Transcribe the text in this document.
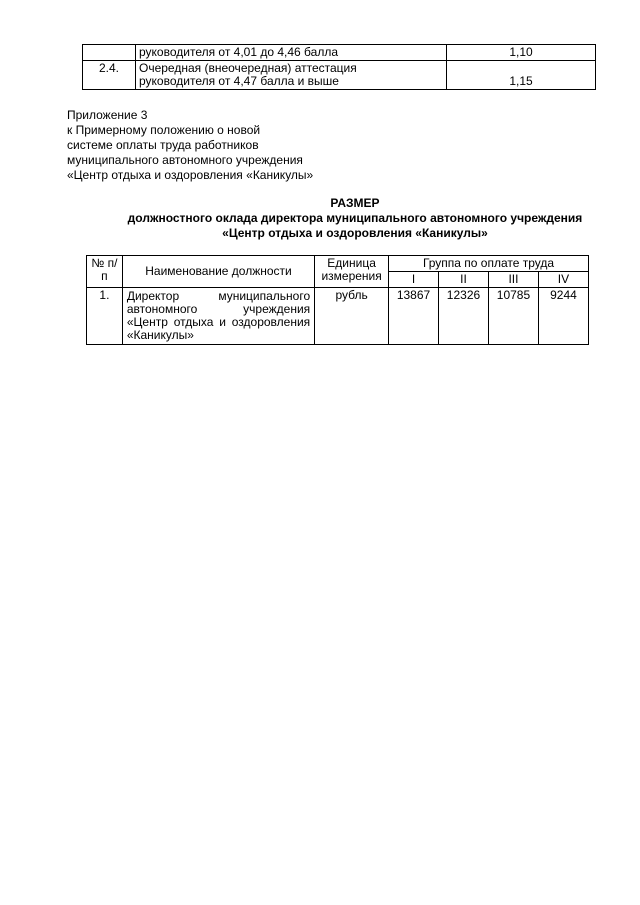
	руководителя от 4,01 до 4,46 балла	1,10
2.4.	Очередная (внеочередная) аттестация
руководителя от 4,47 балла и выше	1,15
Приложение 3
к Примерному положению о новой
системе оплаты труда работников
муниципального автономного учреждения
«Центр отдыха и оздоровления «Каникулы»
РАЗМЕР
должностного оклада директора муниципального автономного учреждения
«Центр отдыха и оздоровления «Каникулы»
№ п/п	Наименование должности	Единица измерения	Группа по оплате труда			
			I	II	III	IV
1.	Директор муниципального автономного учреждения «Центр отдыха и оздоровления «Каникулы»	рубль	13867	12326	10785	9244
